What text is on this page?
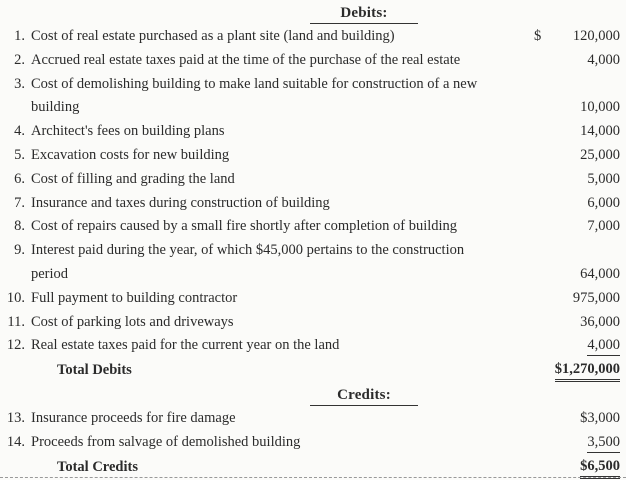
Debits:
1. Cost of real estate purchased as a plant site (land and building)	$ 120,000
2. Accrued real estate taxes paid at the time of the purchase of the real estate	4,000
3. Cost of demolishing building to make land suitable for construction of a new
building	10,000
4. Architect's fees on building plans	14,000
5. Excavation costs for new building	25,000
6. Cost of filling and grading the land	5,000
7. Insurance and taxes during construction of building	6,000
8. Cost of repairs caused by a small fire shortly after completion of building	7,000
9. Interest paid during the year, of which $45,000 pertains to the construction
period	64,000
10. Full payment to building contractor	975,000
11. Cost of parking lots and driveways	36,000
12. Real estate taxes paid for the current year on the land	4,000
Total Debits	$1,270,000
Credits:
13. Insurance proceeds for fire damage	$3,000
14. Proceeds from salvage of demolished building	3,500
Total Credits	$6,500
